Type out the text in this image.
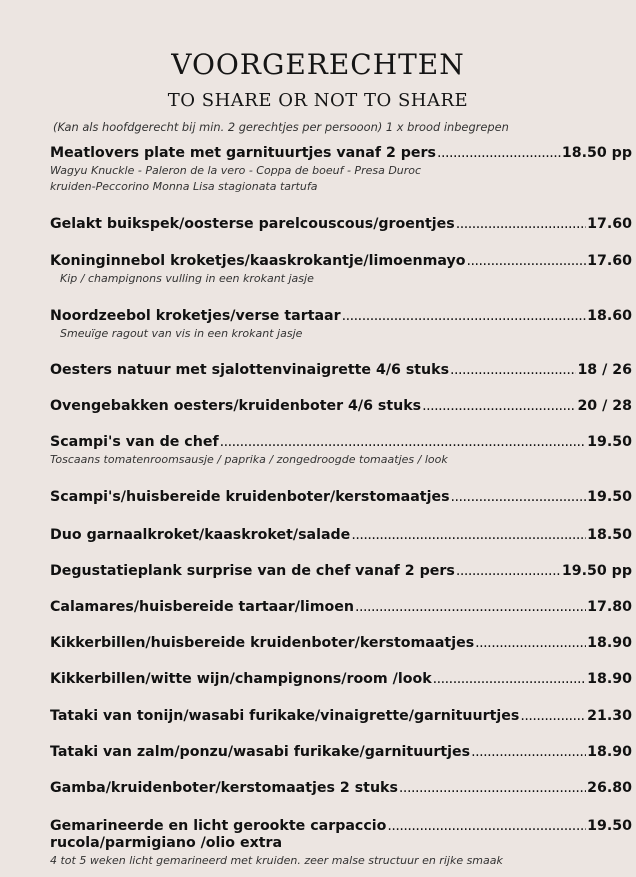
VOORGERECHTEN
TO SHARE OR NOT TO SHARE
(Kan als hoofdgerecht bij min. 2 gerechtjes per persooon) 1 x brood inbegrepen
Meatlovers plate met garnituurtjes vanaf 2 pers .....	18.50 pp
Wagyu Knuckle - Paleron de la vero - Coppa de boeuf - Presa Duroc
kruiden-Peccorino Monna Lisa stagionata tartufa
Gelakt buikspek/oosterse parelcouscous/groentjes .....	17.60
Koninginnebol kroketjes/kaaskrokantje/limoenmayo .....	17.60
Kip / champignons vulling in een krokant jasje
Noordzeebol kroketjes/verse tartaar .....	18.60
Smeuïge ragout van vis in een krokant jasje
Oesters natuur met sjalottenvinaigrette 4/6 stuks .....	18 / 26
Ovengebakken oesters/kruidenboter 4/6 stuks .....	20 / 28
Scampi's van de chef .....	19.50
Toscaans tomatenroomsausje / paprika / zongedroogde tomaatjes / look
Scampi's/huisbereide kruidenboter/kerstomaatjes .....	19.50
Duo garnaalkroket/kaaskroket/salade .....	18.50
Degustatieplank surprise van de chef vanaf 2 pers .....	19.50 pp
Calamares/huisbereide tartaar/limoen .....	17.80
Kikkerbillen/huisbereide kruidenboter/kerstomaatjes .....	18.90
Kikkerbillen/witte wijn/champignons/room /look .....	18.90
Tataki van tonijn/wasabi furikake/vinaigrette/garnituurtjes .....	21.30
Tataki van zalm/ponzu/wasabi furikake/garnituurtjes .....	18.90
Gamba/kruidenboter/kerstomaatjes 2 stuks .....	26.80
Gemarineerde en licht gerookte carpaccio .....	19.50
rucola/parmigiano /olio extra
4 tot 5 weken licht gemarineerd met kruiden. zeer malse structuur en rijke smaak
